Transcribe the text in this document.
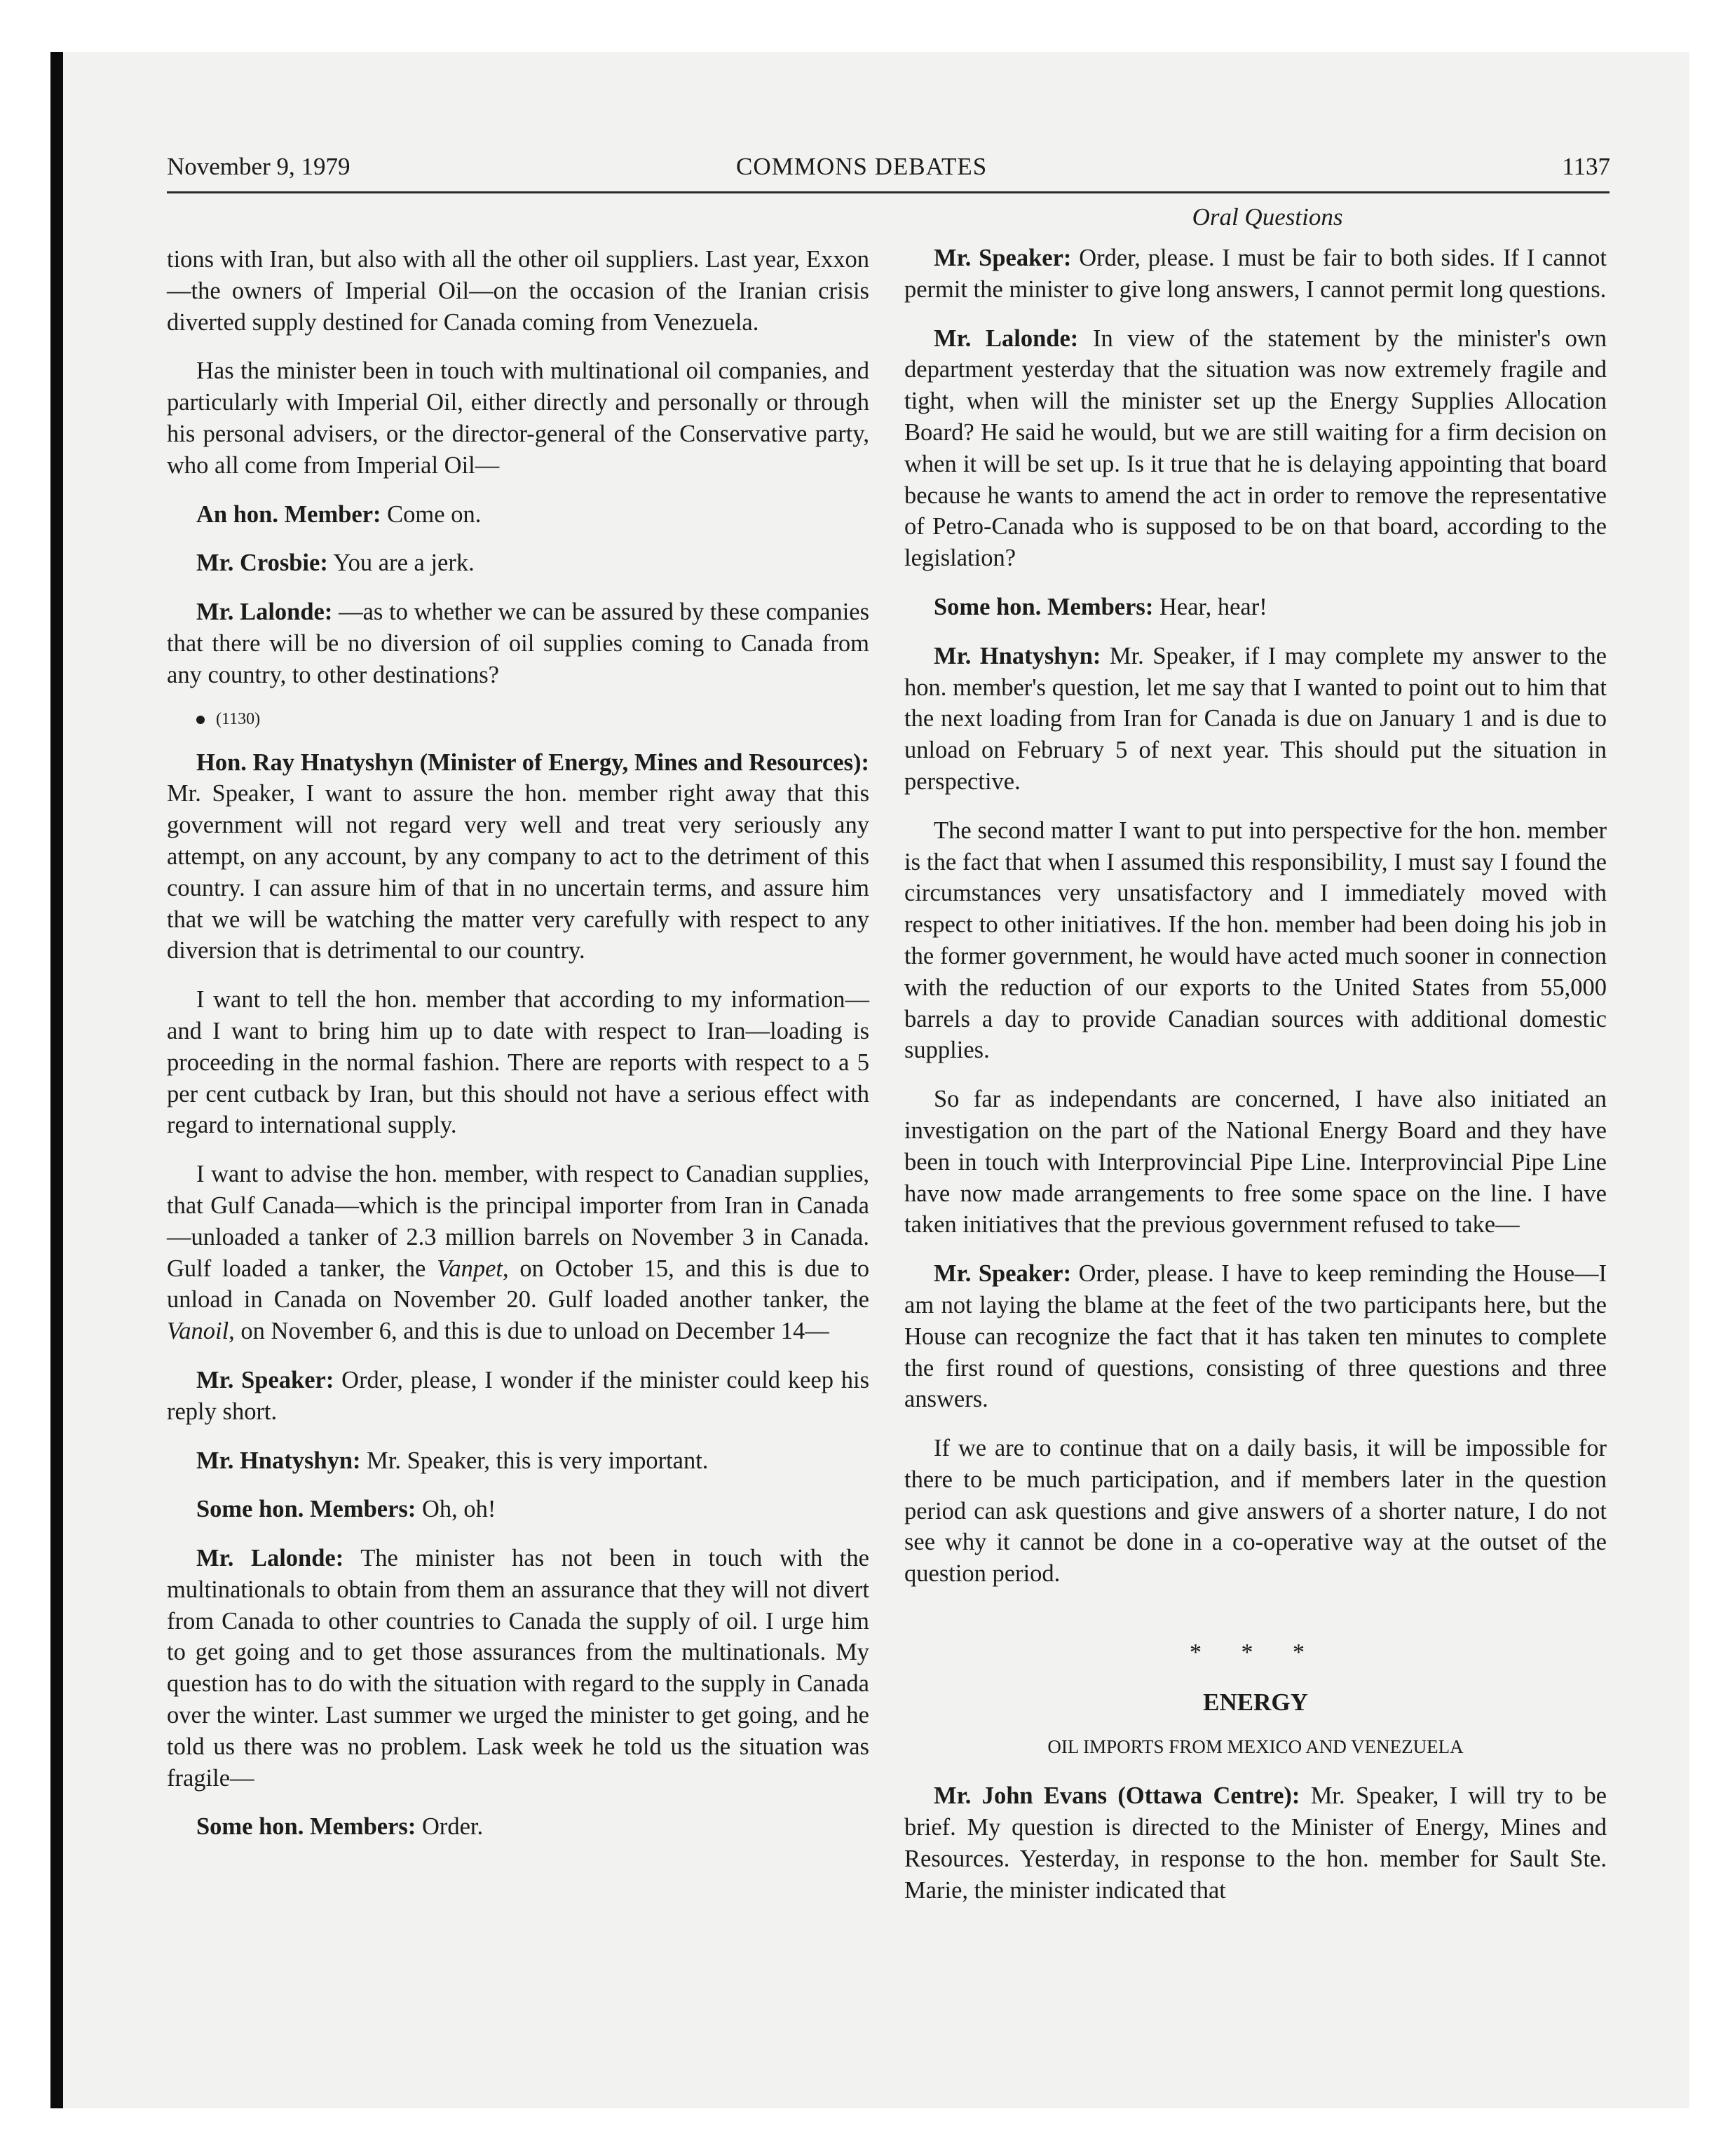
November 9, 1979	COMMONS DEBATES	1137
Oral Questions

tions with Iran, but also with all the other oil suppliers. Last year, Exxon—the owners of Imperial Oil—on the occasion of the Iranian crisis diverted supply destined for Canada coming from Venezuela.

Has the minister been in touch with multinational oil companies, and particularly with Imperial Oil, either directly and personally or through his personal advisers, or the director-general of the Conservative party, who all come from Imperial Oil—

An hon. Member: Come on.

Mr. Crosbie: You are a jerk.

Mr. Lalonde: —as to whether we can be assured by these companies that there will be no diversion of oil supplies coming to Canada from any country, to other destinations?

(1130)

Hon. Ray Hnatyshyn (Minister of Energy, Mines and Resources): Mr. Speaker, I want to assure the hon. member right away that this government will not regard very well and treat very seriously any attempt, on any account, by any company to act to the detriment of this country. I can assure him of that in no uncertain terms, and assure him that we will be watching the matter very carefully with respect to any diversion that is detrimental to our country.

I want to tell the hon. member that according to my information—and I want to bring him up to date with respect to Iran—loading is proceeding in the normal fashion. There are reports with respect to a 5 per cent cutback by Iran, but this should not have a serious effect with regard to international supply.

I want to advise the hon. member, with respect to Canadian supplies, that Gulf Canada—which is the principal importer from Iran in Canada—unloaded a tanker of 2.3 million barrels on November 3 in Canada. Gulf loaded a tanker, the Vanpet, on October 15, and this is due to unload in Canada on November 20. Gulf loaded another tanker, the Vanoil, on November 6, and this is due to unload on December 14—

Mr. Speaker: Order, please, I wonder if the minister could keep his reply short.

Mr. Hnatyshyn: Mr. Speaker, this is very important.

Some hon. Members: Oh, oh!

Mr. Lalonde: The minister has not been in touch with the multinationals to obtain from them an assurance that they will not divert from Canada to other countries to Canada the supply of oil. I urge him to get going and to get those assurances from the multinationals. My question has to do with the situation with regard to the supply in Canada over the winter. Last summer we urged the minister to get going, and he told us there was no problem. Lask week he told us the situation was fragile—

Some hon. Members: Order.

Mr. Speaker: Order, please. I must be fair to both sides. If I cannot permit the minister to give long answers, I cannot permit long questions.

Mr. Lalonde: In view of the statement by the minister's own department yesterday that the situation was now extremely fragile and tight, when will the minister set up the Energy Supplies Allocation Board? He said he would, but we are still waiting for a firm decision on when it will be set up. Is it true that he is delaying appointing that board because he wants to amend the act in order to remove the representative of Petro-Canada who is supposed to be on that board, according to the legislation?

Some hon. Members: Hear, hear!

Mr. Hnatyshyn: Mr. Speaker, if I may complete my answer to the hon. member's question, let me say that I wanted to point out to him that the next loading from Iran for Canada is due on January 1 and is due to unload on February 5 of next year. This should put the situation in perspective.

The second matter I want to put into perspective for the hon. member is the fact that when I assumed this responsibility, I must say I found the circumstances very unsatisfactory and I immediately moved with respect to other initiatives. If the hon. member had been doing his job in the former government, he would have acted much sooner in connection with the reduction of our exports to the United States from 55,000 barrels a day to provide Canadian sources with additional domestic supplies.

So far as independants are concerned, I have also initiated an investigation on the part of the National Energy Board and they have been in touch with Interprovincial Pipe Line. Interprovincial Pipe Line have now made arrangements to free some space on the line. I have taken initiatives that the previous government refused to take—

Mr. Speaker: Order, please. I have to keep reminding the House—I am not laying the blame at the feet of the two participants here, but the House can recognize the fact that it has taken ten minutes to complete the first round of questions, consisting of three questions and three answers.

If we are to continue that on a daily basis, it will be impossible for there to be much participation, and if members later in the question period can ask questions and give answers of a shorter nature, I do not see why it cannot be done in a co-operative way at the outset of the question period.

* * *
ENERGY
OIL IMPORTS FROM MEXICO AND VENEZUELA

Mr. John Evans (Ottawa Centre): Mr. Speaker, I will try to be brief. My question is directed to the Minister of Energy, Mines and Resources. Yesterday, in response to the hon. member for Sault Ste. Marie, the minister indicated that
